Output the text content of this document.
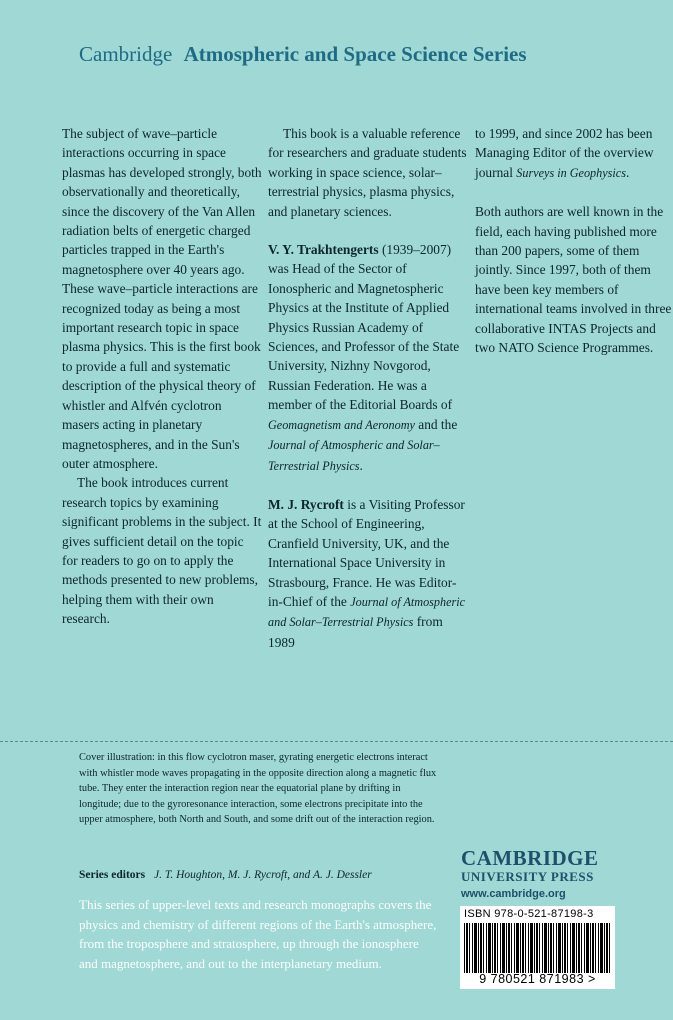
Cambridge Atmospheric and Space Science Series

The subject of wave–particle interactions occurring in space plasmas has developed strongly, both observationally and theoretically, since the discovery of the Van Allen radiation belts of energetic charged particles trapped in the Earth's magnetosphere over 40 years ago. These wave–particle interactions are recognized today as being a most important research topic in space plasma physics. This is the first book to provide a full and systematic description of the physical theory of whistler and Alfvén cyclotron masers acting in planetary magnetospheres, and in the Sun's outer atmosphere.

The book introduces current research topics by examining significant problems in the subject. It gives sufficient detail on the topic for readers to go on to apply the methods presented to new problems, helping them with their own research.

This book is a valuable reference for researchers and graduate students working in space science, solar–terrestrial physics, plasma physics, and planetary sciences.

V. Y. Trakhtengerts (1939–2007) was Head of the Sector of Ionospheric and Magnetospheric Physics at the Institute of Applied Physics Russian Academy of Sciences, and Professor of the State University, Nizhny Novgorod, Russian Federation. He was a member of the Editorial Boards of Geomagnetism and Aeronomy and the Journal of Atmospheric and Solar–Terrestrial Physics.

M. J. Rycroft is a Visiting Professor at the School of Engineering, Cranfield University, UK, and the International Space University in Strasbourg, France. He was Editor-in-Chief of the Journal of Atmospheric and Solar–Terrestrial Physics from 1989

to 1999, and since 2002 has been Managing Editor of the overview journal Surveys in Geophysics.

Both authors are well known in the field, each having published more than 200 papers, some of them jointly. Since 1997, both of them have been key members of international teams involved in three collaborative INTAS Projects and two NATO Science Programmes.

Cover illustration: in this flow cyclotron maser, gyrating energetic electrons interact with whistler mode waves propagating in the opposite direction along a magnetic flux tube. They enter the interaction region near the equatorial plane by drifting in longitude; due to the gyroresonance interaction, some electrons precipitate into the upper atmosphere, both North and South, and some drift out of the interaction region.
Series editors J. T. Houghton, M. J. Rycroft, and A. J. Dessler
This series of upper-level texts and research monographs covers the physics and chemistry of different regions of the Earth's atmosphere, from the troposphere and stratosphere, up through the ionosphere and magnetosphere, and out to the interplanetary medium.
CAMBRIDGE
UNIVERSITY PRESS
www.cambridge.org
ISBN 978-0-521-87198-3
9 780521 871983 >
